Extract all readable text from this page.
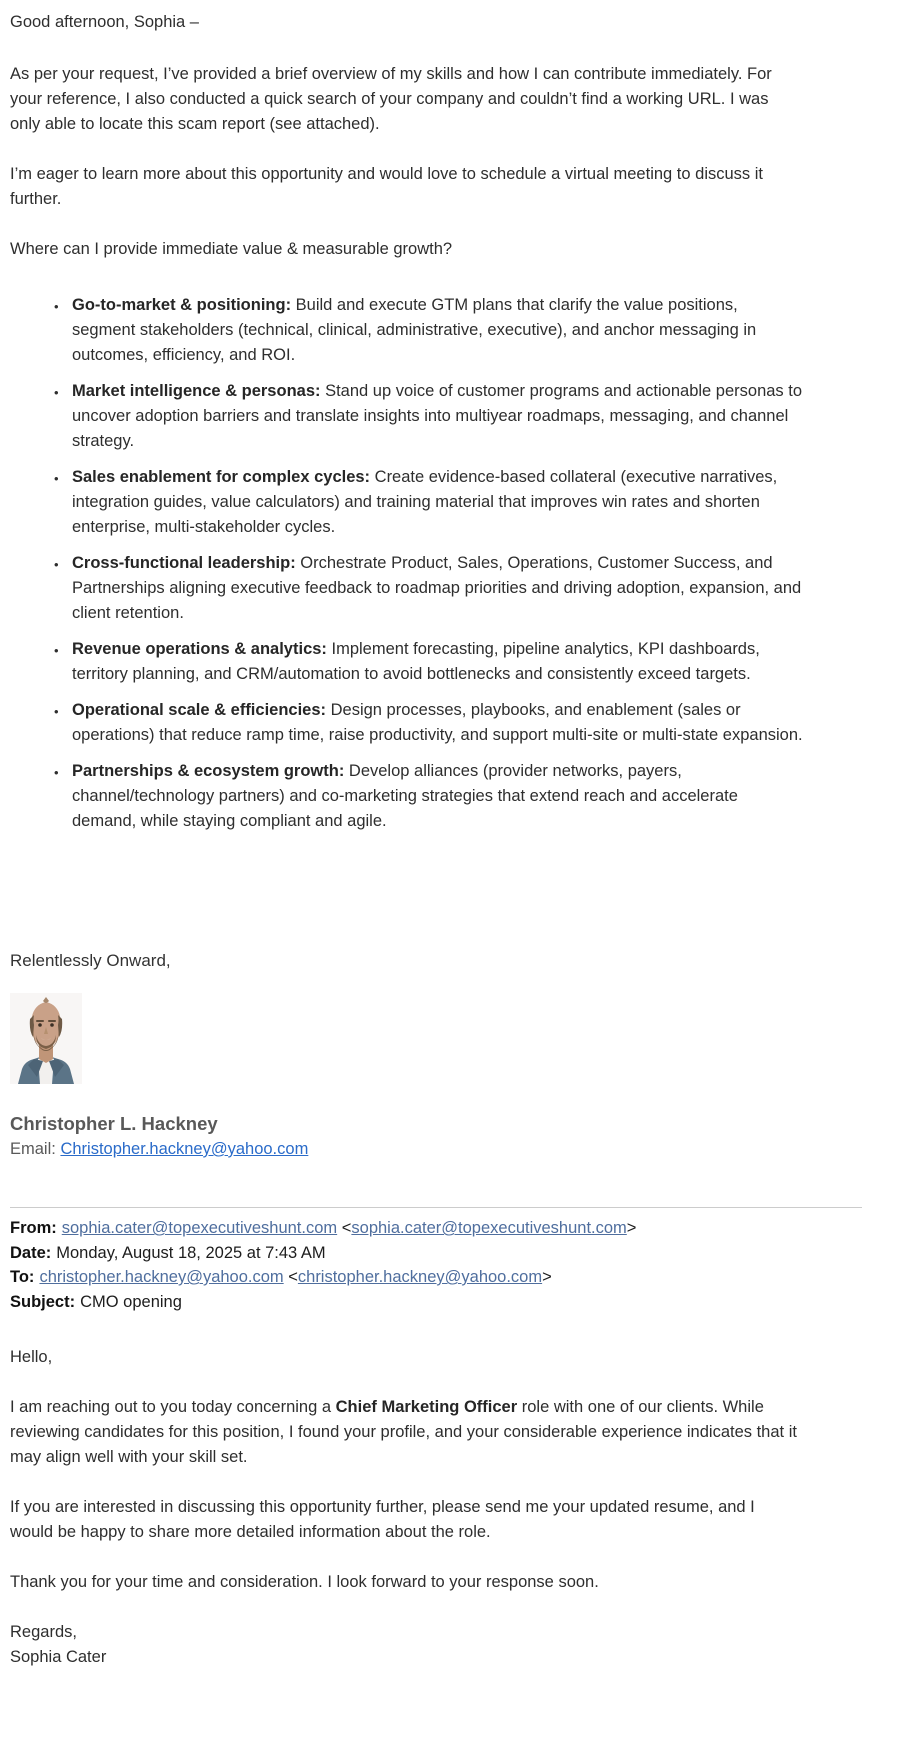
Good afternoon, Sophia –

As per your request, I’ve provided a brief overview of my skills and how I can contribute immediately. For your reference, I also conducted a quick search of your company and couldn’t find a working URL. I was only able to locate this scam report (see attached).

I’m eager to learn more about this opportunity and would love to schedule a virtual meeting to discuss it further.

Where can I provide immediate value & measurable growth?

• Go-to-market & positioning: Build and execute GTM plans that clarify the value positions, segment stakeholders (technical, clinical, administrative, executive), and anchor messaging in outcomes, efficiency, and ROI.
• Market intelligence & personas: Stand up voice of customer programs and actionable personas to uncover adoption barriers and translate insights into multiyear roadmaps, messaging, and channel strategy.
• Sales enablement for complex cycles: Create evidence-based collateral (executive narratives, integration guides, value calculators) and training material that improves win rates and shorten enterprise, multi-stakeholder cycles.
• Cross-functional leadership: Orchestrate Product, Sales, Operations, Customer Success, and Partnerships aligning executive feedback to roadmap priorities and driving adoption, expansion, and client retention.
• Revenue operations & analytics: Implement forecasting, pipeline analytics, KPI dashboards, territory planning, and CRM/automation to avoid bottlenecks and consistently exceed targets.
• Operational scale & efficiencies: Design processes, playbooks, and enablement (sales or operations) that reduce ramp time, raise productivity, and support multi-site or multi-state expansion.
• Partnerships & ecosystem growth: Develop alliances (provider networks, payers, channel/technology partners) and co-marketing strategies that extend reach and accelerate demand, while staying compliant and agile.

Relentlessly Onward,

Christopher L. Hackney
Email: Christopher.hackney@yahoo.com
From: sophia.cater@topexecutiveshunt.com <sophia.cater@topexecutiveshunt.com>
Date: Monday, August 18, 2025 at 7:43 AM
To: christopher.hackney@yahoo.com <christopher.hackney@yahoo.com>
Subject: CMO opening

Hello,

I am reaching out to you today concerning a Chief Marketing Officer role with one of our clients. While reviewing candidates for this position, I found your profile, and your considerable experience indicates that it may align well with your skill set.

If you are interested in discussing this opportunity further, please send me your updated resume, and I would be happy to share more detailed information about the role.

Thank you for your time and consideration. I look forward to your response soon.

Regards,
Sophia Cater
